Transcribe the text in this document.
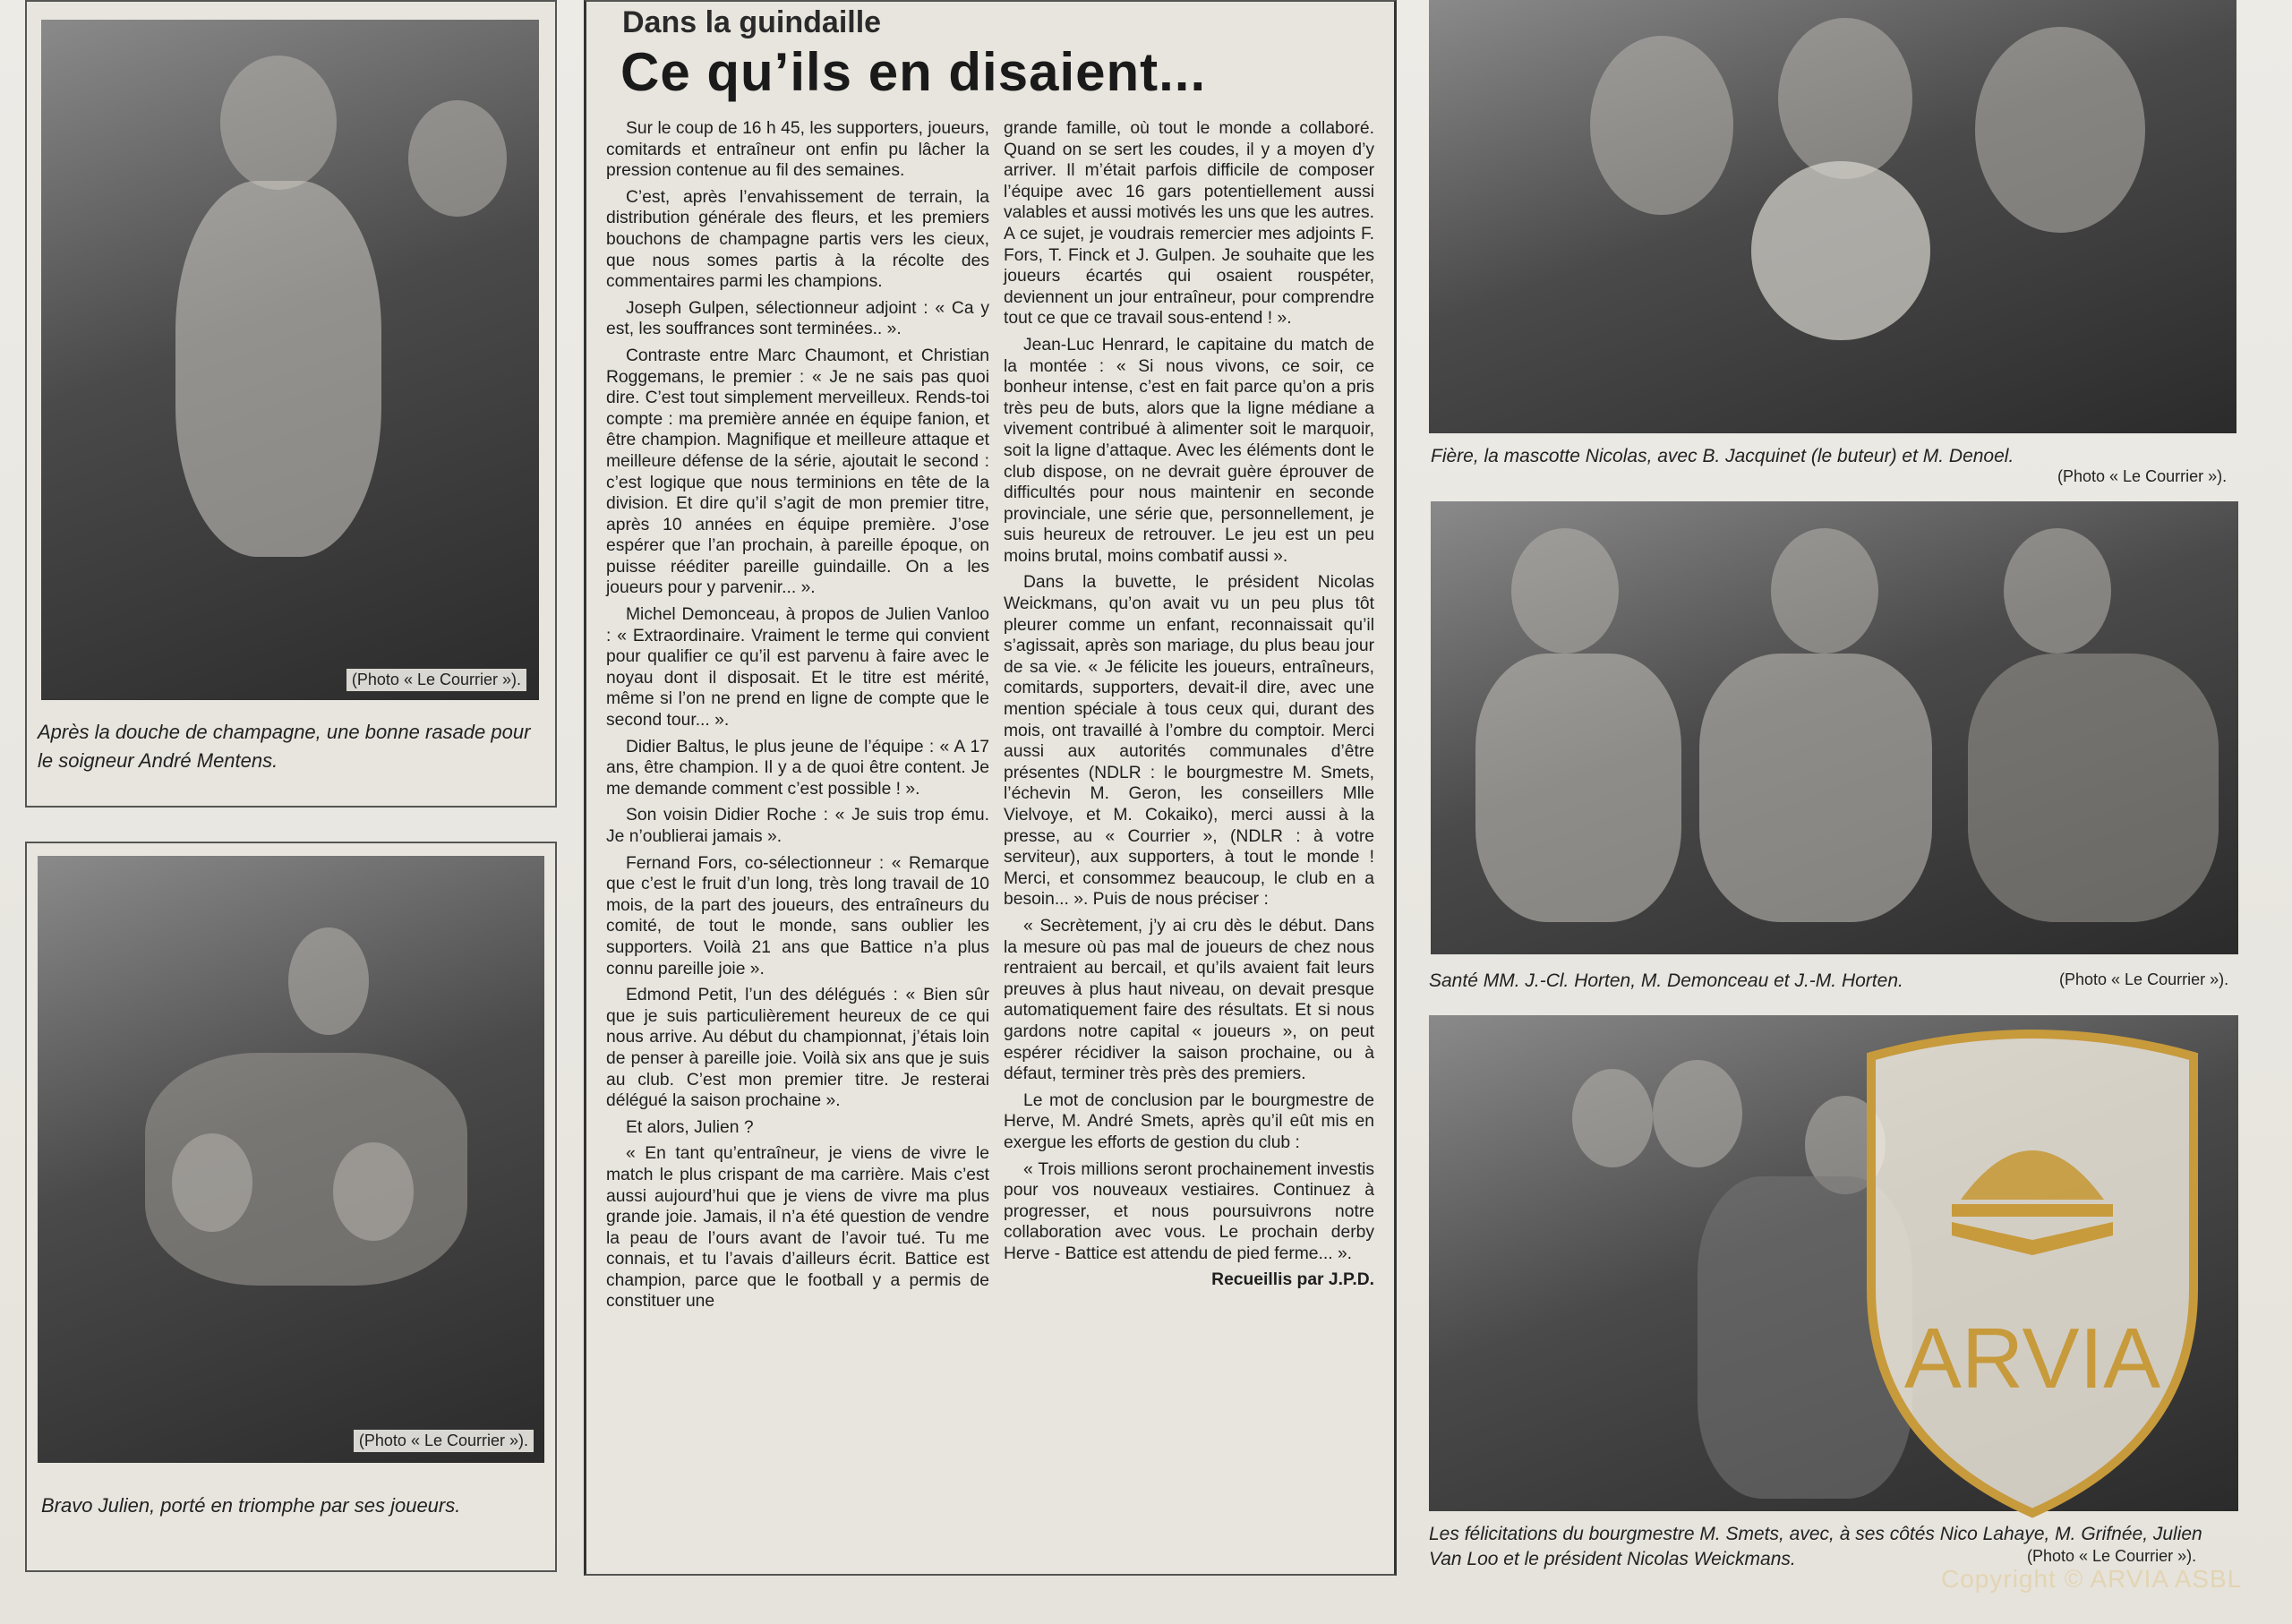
(Photo « Le Courrier »).
Après la douche de champagne, une bonne rasade pour le soigneur André Mentens.
(Photo « Le Courrier »).
Bravo Julien, porté en triomphe par ses joueurs.
Dans la guindaille
Ce qu’ils en disaient...

Sur le coup de 16 h 45, les supporters, joueurs, comitards et entraîneur ont enfin pu lâcher la pression contenue au fil des semaines.

C’est, après l’envahissement de terrain, la distribution générale des fleurs, et les premiers bouchons de champagne partis vers les cieux, que nous somes partis à la récolte des commentaires parmi les champions.

Joseph Gulpen, sélectionneur adjoint : « Ca y est, les souffrances sont terminées.. ».

Contraste entre Marc Chaumont, et Christian Roggemans, le premier : « Je ne sais pas quoi dire. C’est tout simplement merveilleux. Rends-toi compte : ma première année en équipe fanion, et être champion. Magnifique et meilleure attaque et meilleure défense de la série, ajoutait le second : c’est logique que nous terminions en tête de la division. Et dire qu’il s’agit de mon premier titre, après 10 années en équipe première. J’ose espérer que l’an prochain, à pareille époque, on puisse rééditer pareille guindaille. On a les joueurs pour y parvenir... ».

Michel Demonceau, à propos de Julien Vanloo : « Extraordinaire. Vraiment le terme qui convient pour qualifier ce qu’il est parvenu à faire avec le noyau dont il disposait. Et le titre est mérité, même si l’on ne prend en ligne de compte que le second tour... ».

Didier Baltus, le plus jeune de l’équipe : « A 17 ans, être champion. Il y a de quoi être content. Je me demande comment c’est possible ! ».

Son voisin Didier Roche : « Je suis trop ému. Je n’oublierai jamais ».

Fernand Fors, co-sélectionneur : « Remarque que c’est le fruit d’un long, très long travail de 10 mois, de la part des joueurs, des entraîneurs du comité, de tout le monde, sans oublier les supporters. Voilà 21 ans que Battice n’a plus connu pareille joie ».

Edmond Petit, l’un des délégués : « Bien sûr que je suis particulièrement heureux de ce qui nous arrive. Au début du championnat, j’étais loin de penser à pareille joie. Voilà six ans que je suis au club. C’est mon premier titre. Je resterai délégué la saison prochaine ».

Et alors, Julien ?

« En tant qu’entraîneur, je viens de vivre le match le plus crispant de ma carrière. Mais c’est aussi aujourd’hui que je viens de vivre ma plus grande joie. Jamais, il n’a été question de vendre la peau de l’ours avant de l’avoir tué. Tu me connais, et tu l’avais d’ailleurs écrit. Battice est champion, parce que le football y a permis de constituer une

grande famille, où tout le monde a collaboré. Quand on se sert les coudes, il y a moyen d’y arriver. Il m’était parfois difficile de composer l’équipe avec 16 gars potentiellement aussi valables et aussi motivés les uns que les autres. A ce sujet, je voudrais remercier mes adjoints F. Fors, T. Finck et J. Gulpen. Je souhaite que les joueurs écartés qui osaient rouspéter, deviennent un jour entraîneur, pour comprendre tout ce que ce travail sous-entend ! ».

Jean-Luc Henrard, le capitaine du match de la montée : « Si nous vivons, ce soir, ce bonheur intense, c’est en fait parce qu’on a pris très peu de buts, alors que la ligne médiane a vivement contribué à alimenter soit le marquoir, soit la ligne d’attaque. Avec les éléments dont le club dispose, on ne devrait guère éprouver de difficultés pour nous maintenir en seconde provinciale, une série que, personnellement, je suis heureux de retrouver. Le jeu est un peu moins brutal, moins combatif aussi ».

Dans la buvette, le président Nicolas Weickmans, qu’on avait vu un peu plus tôt pleurer comme un enfant, reconnaissait qu’il s’agissait, après son mariage, du plus beau jour de sa vie. « Je félicite les joueurs, entraîneurs, comitards, supporters, devait-il dire, avec une mention spéciale à tous ceux qui, durant des mois, ont travaillé à l’ombre du comptoir. Merci aussi aux autorités communales d’être présentes (NDLR : le bourgmestre M. Smets, l’échevin M. Geron, les conseillers Mlle Vielvoye, et M. Cokaiko), merci aussi à la presse, au « Courrier », (NDLR : à votre serviteur), aux supporters, à tout le monde ! Merci, et consommez beaucoup, le club en a besoin... ». Puis de nous préciser :

« Secrètement, j’y ai cru dès le début. Dans la mesure où pas mal de joueurs de chez nous rentraient au bercail, et qu’ils avaient fait leurs preuves à plus haut niveau, on devait presque automatiquement faire des résultats. Et si nous gardons notre capital « joueurs », on peut espérer récidiver la saison prochaine, ou à défaut, terminer très près des premiers.

Le mot de conclusion par le bourgmestre de Herve, M. André Smets, après qu’il eût mis en exergue les efforts de gestion du club :

« Trois millions seront prochainement investis pour vos nouveaux vestiaires. Continuez à progresser, et nous poursuivrons notre collaboration avec vous. Le prochain derby Herve - Battice est attendu de pied ferme... ».

Recueillis par J.P.D.

Fière, la mascotte Nicolas, avec B. Jacquinet (le buteur) et M. Denoel.
(Photo « Le Courrier »).
Santé MM. J.-Cl. Horten, M. Demonceau et J.-M. Horten.	(Photo « Le Courrier »).
Les félicitations du bourgmestre M. Smets, avec, à ses côtés Nico Lahaye, M. Grifnée, Julien Van Loo et le président Nicolas Weickmans.	(Photo « Le Courrier »).
ARVIA
Copyright © ARVIA ASBL
